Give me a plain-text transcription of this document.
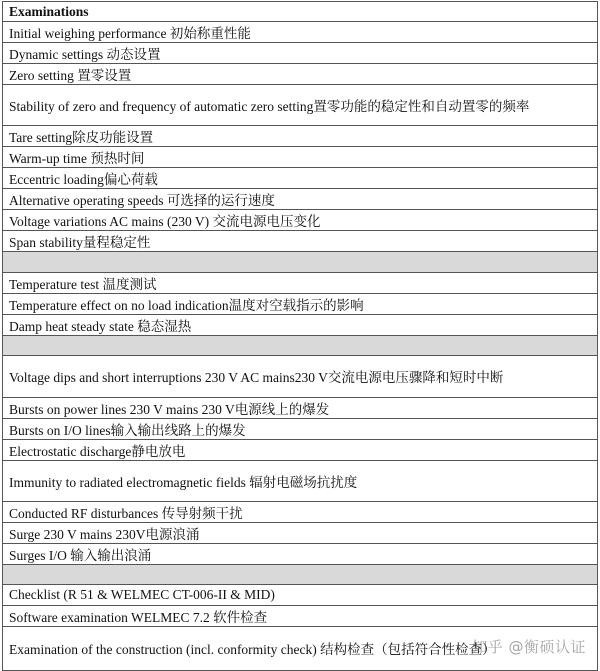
Examinations
Initial weighing performance 初始称重性能
Dynamic settings 动态设置
Zero setting 置零设置
Stability of zero and frequency of automatic zero setting置零功能的稳定性和自动置零的频率
Tare setting除皮功能设置
Warm-up time 预热时间
Eccentric loading偏心荷载
Alternative operating speeds 可选择的运行速度
Voltage variations AC mains (230 V) 交流电源电压变化
Span stability量程稳定性

Temperature test 温度测试
Temperature effect on no load indication温度对空载指示的影响
Damp heat steady state 稳态湿热

Voltage dips and short interruptions 230 V AC mains230 V交流电源电压骤降和短时中断
Bursts on power lines 230 V mains 230 V电源线上的爆发
Bursts on I/O lines输入输出线路上的爆发
Electrostatic discharge静电放电
Immunity to radiated electromagnetic fields 辐射电磁场抗扰度
Conducted RF disturbances 传导射频干扰
Surge 230 V mains 230V电源浪涌
Surges I/O 输入输出浪涌

Checklist (R 51 & WELMEC CT-006-II & MID)
Software examination WELMEC 7.2 软件检查
Examination of the construction (incl. conformity check) 结构检查（包括符合性检查）
知乎 @衡硕认证
